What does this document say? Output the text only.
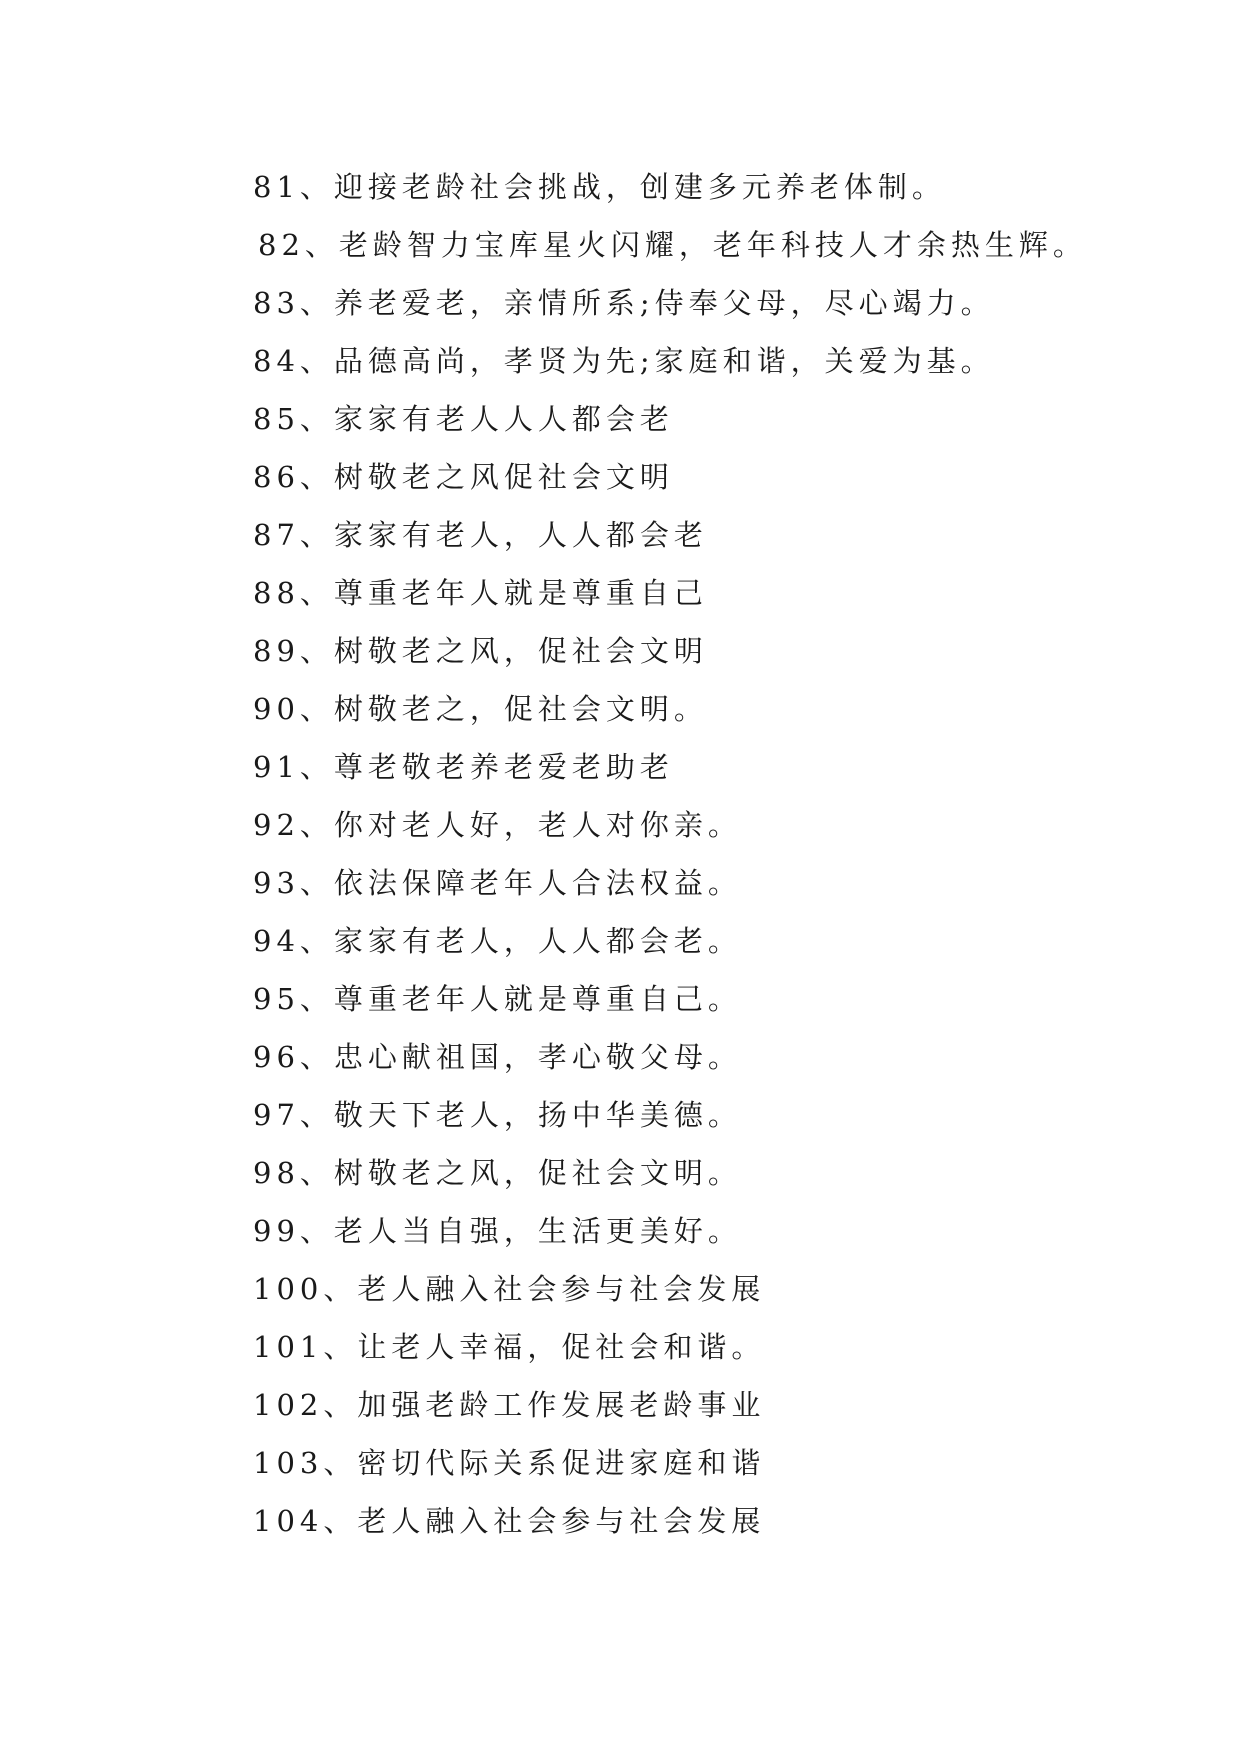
81、迎接老龄社会挑战，创建多元养老体制。
82、老龄智力宝库星火闪耀，老年科技人才余热生辉。
83、养老爱老，亲情所系;侍奉父母，尽心竭力。
84、品德高尚，孝贤为先;家庭和谐，关爱为基。
85、家家有老人人人都会老
86、树敬老之风促社会文明
87、家家有老人，人人都会老
88、尊重老年人就是尊重自己
89、树敬老之风，促社会文明
90、树敬老之，促社会文明。
91、尊老敬老养老爱老助老
92、你对老人好，老人对你亲。
93、依法保障老年人合法权益。
94、家家有老人，人人都会老。
95、尊重老年人就是尊重自己。
96、忠心献祖国，孝心敬父母。
97、敬天下老人，扬中华美德。
98、树敬老之风，促社会文明。
99、老人当自强，生活更美好。
100、老人融入社会参与社会发展
101、让老人幸福，促社会和谐。
102、加强老龄工作发展老龄事业
103、密切代际关系促进家庭和谐
104、老人融入社会参与社会发展
